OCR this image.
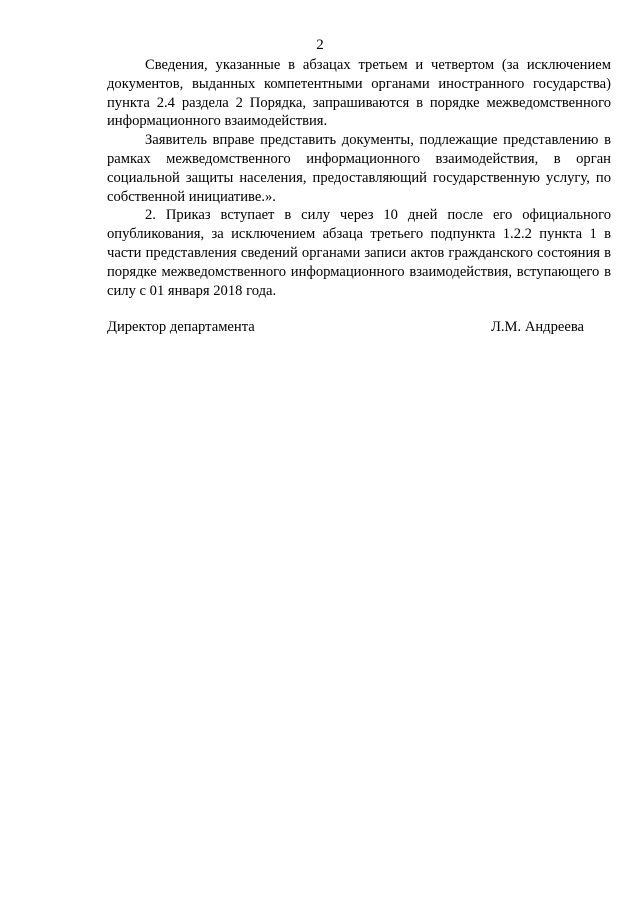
2

Сведения, указанные в абзацах третьем и четвертом (за исключением документов, выданных компетентными органами иностранного государства) пункта 2.4 раздела 2 Порядка, запрашиваются в порядке межведомственного информационного взаимодействия.

Заявитель вправе представить документы, подлежащие представлению в рамках межведомственного информационного взаимодействия, в орган социальной защиты населения, предоставляющий государственную услугу, по собственной инициативе.».

2. Приказ вступает в силу через 10 дней после его официального опубликования, за исключением абзаца третьего подпункта 1.2.2 пункта 1 в части представления сведений органами записи актов гражданского состояния в порядке межведомственного информационного взаимодействия, вступающего в силу с 01 января 2018 года.

Директор департамента	Л.М. Андреева
